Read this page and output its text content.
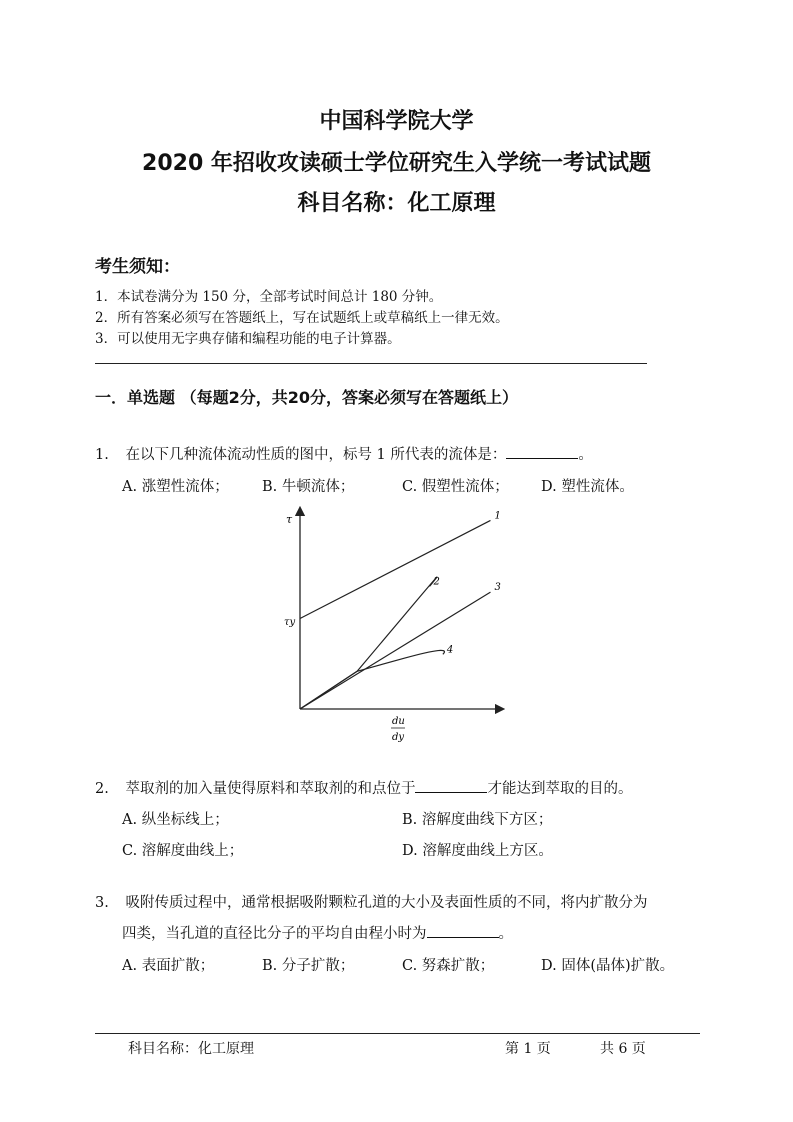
中国科学院大学
2020 年招收攻读硕士学位研究生入学统一考试试题
科目名称：化工原理
考生须知：
1．本试卷满分为 150 分，全部考试时间总计 180 分钟。
2．所有答案必须写在答题纸上，写在试题纸上或草稿纸上一律无效。
3．可以使用无字典存储和编程功能的电子计算器。
一．单选题 （每题2分，共20分，答案必须写在答题纸上）
1. 在以下几种流体流动性质的图中，标号 1 所代表的流体是：	。
A. 涨塑性流体； B. 牛顿流体；	C. 假塑性流体； D. 塑性流体。
τ
τy
du
dy
1
2
3
4
2. 萃取剂的加入量使得原料和萃取剂的和点位于	才能达到萃取的目的。
A. 纵坐标线上；	B. 溶解度曲线下方区；
C. 溶解度曲线上；	D. 溶解度曲线上方区。
3. 吸附传质过程中，通常根据吸附颗粒孔道的大小及表面性质的不同，将内扩散分为
四类，当孔道的直径比分子的平均自由程小时为	。
A. 表面扩散；	B. 分子扩散；	C. 努森扩散；	D. 固体(晶体)扩散。
科目名称：化工原理	第 1 页	共 6 页
